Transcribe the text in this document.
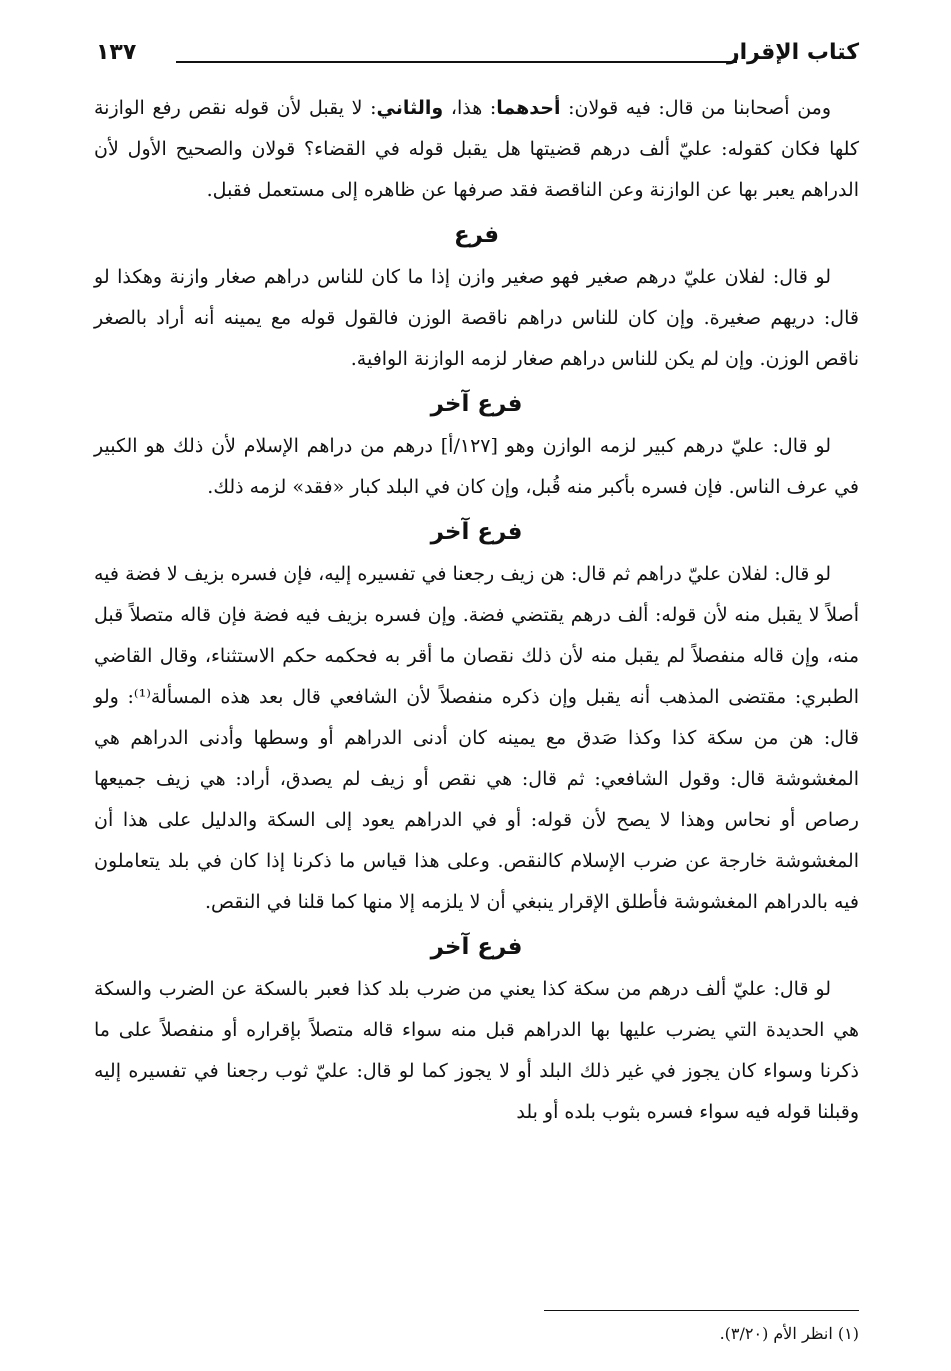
كتاب الإقرار
١٣٧

ومن أصحابنا من قال: فيه قولان: أحدهما: هذا، والثاني: لا يقبل لأن قوله نقص رفع الوازنة كلها فكان كقوله: عليّ ألف درهم قضيتها هل يقبل قوله في القضاء؟ قولان والصحيح الأول لأن الدراهم يعبر بها عن الوازنة وعن الناقصة فقد صرفها عن ظاهره إلى مستعمل فقبل.

فرع

لو قال: لفلان عليّ درهم صغير فهو صغير وازن إذا ما كان للناس دراهم صغار وازنة وهكذا لو قال: دريهم صغيرة. وإن كان للناس دراهم ناقصة الوزن فالقول قوله مع يمينه أنه أراد بالصغر ناقص الوزن. وإن لم يكن للناس دراهم صغار لزمه الوازنة الوافية.

فرع آخر

لو قال: عليّ درهم كبير لزمه الوازن وهو [١٢٧/أ] درهم من دراهم الإسلام لأن ذلك هو الكبير في عرف الناس. فإن فسره بأكبر منه قُبل، وإن كان في البلد كبار «فقد» لزمه ذلك.

فرع آخر

لو قال: لفلان عليّ دراهم ثم قال: هن زيف رجعنا في تفسيره إليه، فإن فسره بزيف لا فضة فيه أصلاً لا يقبل منه لأن قوله: ألف درهم يقتضي فضة. وإن فسره بزيف فيه فضة فإن قاله متصلاً قبل منه، وإن قاله منفصلاً لم يقبل منه لأن ذلك نقصان ما أقر به فحكمه حكم الاستثناء، وقال القاضي الطبري: مقتضى المذهب أنه يقبل وإن ذكره منفصلاً لأن الشافعي قال بعد هذه المسألة⁽¹⁾: ولو قال: هن من سكة كذا وكذا صَدق مع يمينه كان أدنى الدراهم أو وسطها وأدنى الدراهم هي المغشوشة قال: وقول الشافعي: ثم قال: هي نقص أو زيف لم يصدق، أراد: هي زيف جميعها رصاص أو نحاس وهذا لا يصح لأن قوله: أو في الدراهم يعود إلى السكة والدليل على هذا أن المغشوشة خارجة عن ضرب الإسلام كالنقص. وعلى هذا قياس ما ذكرنا إذا كان في بلد يتعاملون فيه بالدراهم المغشوشة فأطلق الإقرار ينبغي أن لا يلزمه إلا منها كما قلنا في النقص.

فرع آخر

لو قال: عليّ ألف درهم من سكة كذا يعني من ضرب بلد كذا فعبر بالسكة عن الضرب والسكة هي الحديدة التي يضرب عليها بها الدراهم قبل منه سواء قاله متصلاً بإقراره أو منفصلاً على ما ذكرنا وسواء كان يجوز في غير ذلك البلد أو لا يجوز كما لو قال: عليّ ثوب رجعنا في تفسيره إليه وقبلنا قوله فيه سواء فسره بثوب بلده أو بلد

(١) انظر الأم (٣/٢٠).
